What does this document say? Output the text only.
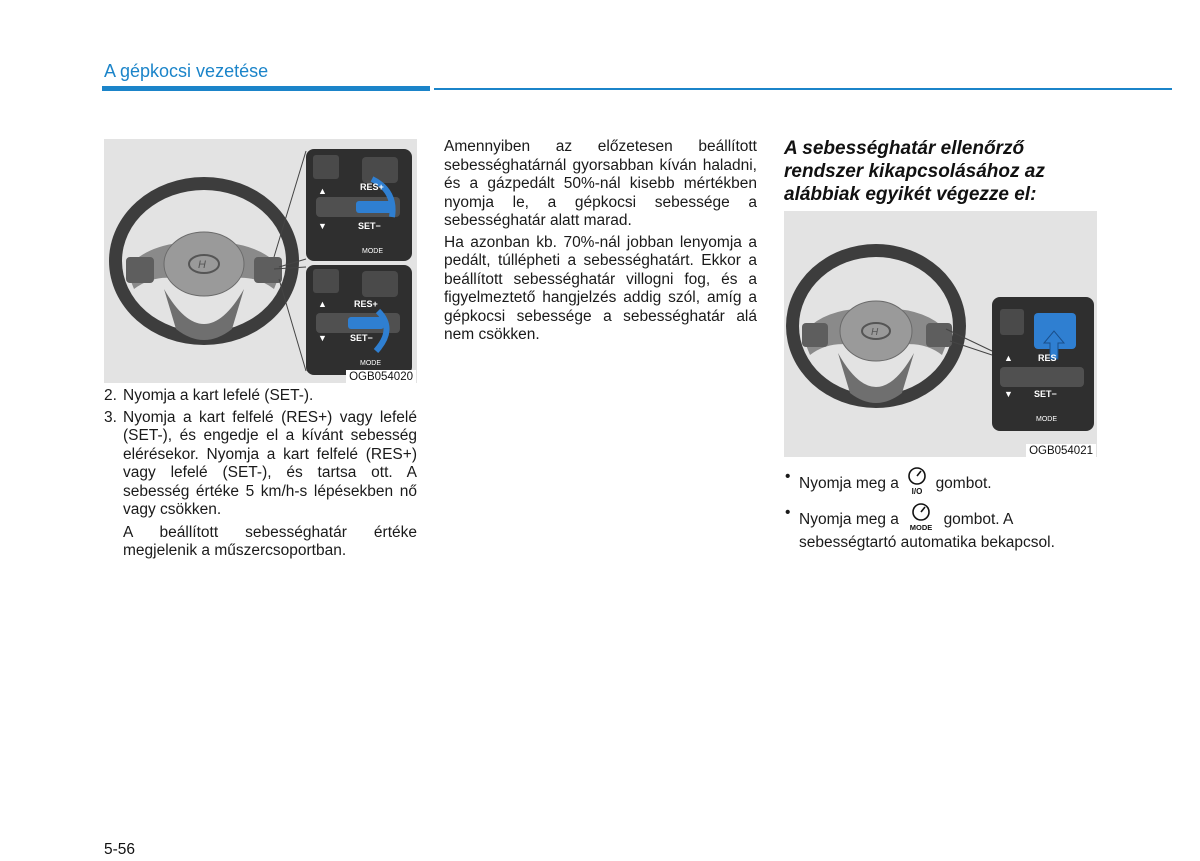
A gépkocsi vezetése
H
RES+
SET−
MODE
▲
▼
RES+
SET−
MODE
▲
▼
OGB054020
2. Nyomja a kart lefelé (SET-).
3. Nyomja a kart felfelé (RES+) vagy lefelé (SET-), és engedje el a kívánt sebesség elérésekor. Nyomja a kart felfelé (RES+) vagy lefelé (SET-), és tartsa ott. A sebesség értéke 5 km/h-s lépésekben nő vagy csökken.

A beállított sebességhatár értéke megjelenik a műszercsoportban.

Amennyiben az előzetesen beállított sebességhatárnál gyorsabban kíván haladni, és a gázpedált 50%-nál kisebb mértékben nyomja le, a gépkocsi sebessége a sebességhatár alatt marad.

Ha azonban kb. 70%-nál jobban lenyomja a pedált, túllépheti a sebességhatárt. Ekkor a beállított sebességhatár villogni fog, és a figyelmeztető hangjelzés addig szól, amíg a gépkocsi sebessége a sebességhatár alá nem csökken.

A sebességhatár ellenőrző rendszer kikapcsolásához az alábbiak egyikét végezze el:
H
RES
SET−
MODE
▲
▼
OGB054021
• Nyomja meg a I/O gombot.
• Nyomja meg a MODE gombot. A sebességtartó automatika bekapcsol.
5-56
